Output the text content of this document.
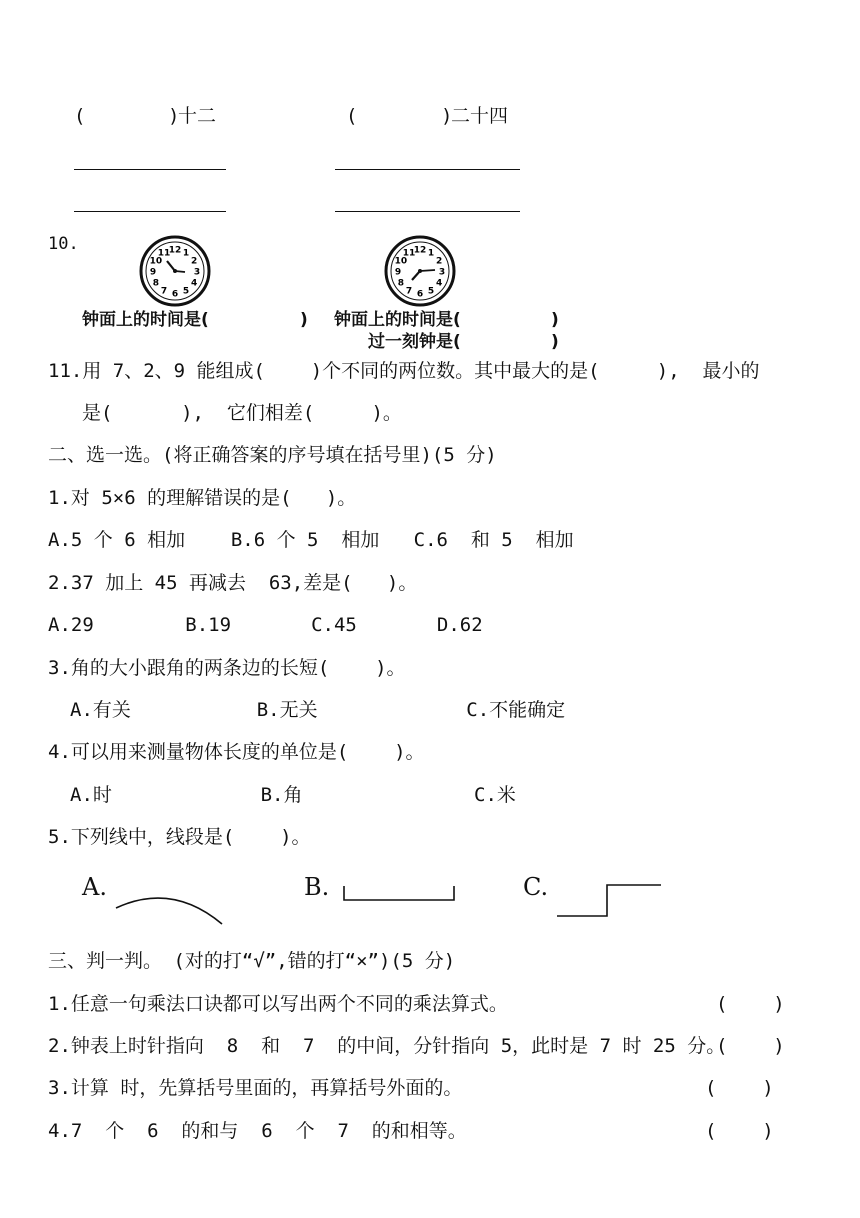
(	)
十二	(	)
二十四
10.	12 1
2
3
4
5
6
7
8
9
10
11	12 1
2
3
4
5
6
7
8
9
10
11
钟面上的时间是(	) 钟面上的时间是(	)
过一刻钟是(	)
11.用 7、2、9 能组成(    )个不同的两位数。其中最大的是(     ),  最小的
是(      ),  它们相差(     )。
二、选一选。(将正确答案的序号填在括号里)(5 分)
1.对 5×6 的理解错误的是(   )。
A.5 个 6 相加    B.6 个 5  相加   C.6  和 5  相加
2.37 加上 45 再减去  63,差是(   )。
A.29        B.19       C.45       D.62
3.角的大小跟角的两条边的长短(    )。
A.有关           B.无关             C.不能确定
4.可以用来测量物体长度的单位是(    )。
A.时             B.角               C.米
5.下列线中，线段是(    )。
A.	B.	C.
三、判一判。 (对的打“√”,错的打“×”)(5 分)
1.任意一句乘法口诀都可以写出两个不同的乘法算式。	(    )
2.钟表上时针指向  8  和  7  的中间，分针指向 5，此时是 7 时 25 分。
(    )
3.计算 时，先算括号里面的，再算括号外面的。	(    )
4.7  个  6  的和与  6  个  7  的和相等。	(    )
